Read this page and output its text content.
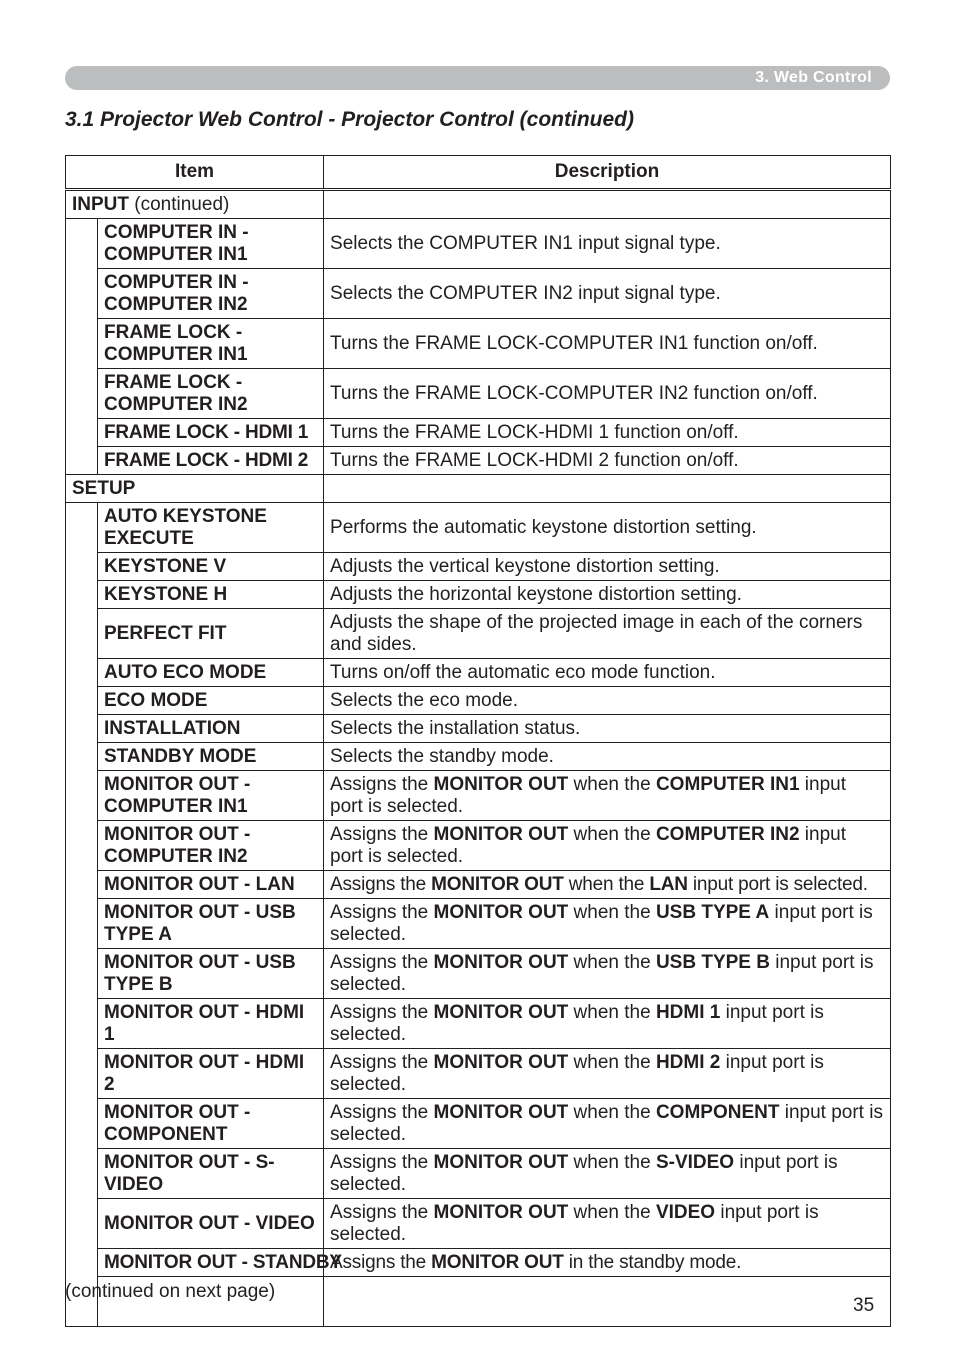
3. Web Control
3.1 Projector Web Control - Projector Control (continued)
Item		Description
INPUT (continued)		
	COMPUTER IN - COMPUTER IN1	Selects the COMPUTER IN1 input signal type.
	COMPUTER IN - COMPUTER IN2	Selects the COMPUTER IN2 input signal type.
	FRAME LOCK - COMPUTER IN1	Turns the FRAME LOCK-COMPUTER IN1 function on/off.
	FRAME LOCK - COMPUTER IN2	Turns the FRAME LOCK-COMPUTER IN2 function on/off.
	FRAME LOCK - HDMI 1	Turns the FRAME LOCK-HDMI 1 function on/off.
	FRAME LOCK - HDMI 2	Turns the FRAME LOCK-HDMI 2 function on/off.
SETUP		
	AUTO KEYSTONE EXECUTE	Performs the automatic keystone distortion setting.
	KEYSTONE V	Adjusts the vertical keystone distortion setting.
	KEYSTONE H	Adjusts the horizontal keystone distortion setting.
	PERFECT FIT	Adjusts the shape of the projected image in each of the corners and sides.
	AUTO ECO MODE	Turns on/off the automatic eco mode function.
	ECO MODE	Selects the eco mode.
	INSTALLATION	Selects the installation status.
	STANDBY MODE	Selects the standby mode.
	MONITOR OUT - COMPUTER IN1	Assigns the MONITOR OUT when the COMPUTER IN1 input port is selected.
	MONITOR OUT - COMPUTER IN2	Assigns the MONITOR OUT when the COMPUTER IN2 input port is selected.
	MONITOR OUT - LAN	Assigns the MONITOR OUT when the LAN input port is selected.
	MONITOR OUT - USB TYPE A	Assigns the MONITOR OUT when the USB TYPE A input port is selected.
	MONITOR OUT - USB TYPE B	Assigns the MONITOR OUT when the USB TYPE B input port is selected.
	MONITOR OUT - HDMI 1	Assigns the MONITOR OUT when the HDMI 1 input port is selected.
	MONITOR OUT - HDMI 2	Assigns the MONITOR OUT when the HDMI 2 input port is selected.
	MONITOR OUT - COMPONENT	Assigns the MONITOR OUT when the COMPONENT input port is selected.
	MONITOR OUT - S-VIDEO	Assigns the MONITOR OUT when the S-VIDEO input port is selected.
	MONITOR OUT - VIDEO	Assigns the MONITOR OUT when the VIDEO input port is selected.
	MONITOR OUT - STANDBY	Assigns the MONITOR OUT in the standby mode.

(continued on next page)
35
